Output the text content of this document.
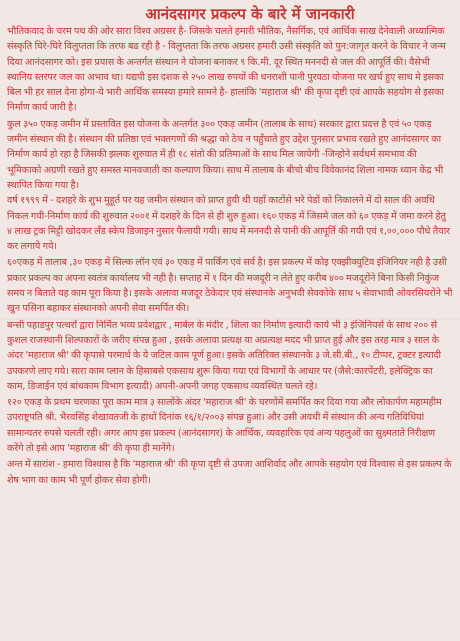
आनंदसागर प्रकल्प के बारे में जानकारी

भौतिकवाद के चरम पथ की ओर सारा विश्व अग्रसर है- जिसके चलते हमारी भौतिक, नैसर्गिक, एवं आर्थिक साख देनेवाली अध्यात्मिक संस्कृति घिरे-घिरे विलुप्तता कि तरफ बढ रही है - विलुप्तता कि तरफ अग्रसर हमारी उसी संस्कृति को पुन:जागृत करने के विचार ने जन्म दिया आनंदसागर को। इस प्रयास के अन्तर्गत संस्थान ने योजना बनाकर ९ कि.मी. दूर स्थित मननदी से जल की आपूर्ति की। वैसेभी स्थानिय स्तरपर जल का अभाव था। यद्यपी इस दशक से २५० लाख रुपयों की धनराशी पानी पुरवठा योजना पर खर्च हुए साथ मे इसका बिल भी हर साल देना होगा-ये भारी आर्थिक समस्या हमारे सामने है- हालांकि 'महाराज श्री' की कृपा दृष्टी एवं आपके सहयोग से इसका निर्माण कार्य जारी है।

कुल ३५० एकड़ जमीन में प्रस्तावित इस योजना के अन्तर्गत ३०० एकड़ जमीन (तालाब के साथ) सरकार द्वारा प्रदत्त है एवं ५० एकड़ जमीन संस्थान की है। संस्थान की प्रतिष्ठा एवं भक्तगणों की श्रद्धा को ठेच न पहुँचाते हुए उद्देश पुनसार प्रभाव रखते हुए आनंदसागर का निर्माण कार्य हो रहा है जिसकी झलक शुरुवात में ही १८ संतो की प्रतिमाओं के साथ मिल जायेगी -जिन्होने सर्वधर्म समभाव की भूमिकाको अग्रणी रखते हुए समस्त मानवजाती का कल्याण किया। साथ में तालाब के बीचो बीच विवेकानंद शिला नामक ध्यान केंद्र भी स्थापित किया गया है।

वर्ष १९९९ में - दशहरे के शुभ मुहूर्त पर यह जमीन संस्थान को प्राप्त हुयी थी यहाँ काटोंसे भरे पेडों को निकालने में दो साल की अवधि निकल गयी-निर्माण कार्य की शुरुवात २००१ में दशहरे के दिन से ही शुरु हुआ। १६० एकड़ में जिसमे जल को ६० एकड़ में जमा करने हेतु ४ लाख ट्रक मिट्टी खोदकर लँड स्केप डिजाइन नुसार फैलायी गयी। साथ में मननदी से पानी की आपूर्ति की गयी एवं १,००,००० पौधे तैयार कर लगाये गये।

६०एकड़ में तालाब ,३० एकड़ में सिल्क लॉन एवं ३० एकड़ में पार्किंग एवं सर्व है। इस प्रकल्प में कोइ एक्झीक्युटिव इंजिनियर नही है उसी प्रकार प्रकल्प का अपना स्वतंत्र कार्यालय भी नही है। सप्ताह में १ दिन की मजदूरी न लेते हुए करीब ४०० मजदूरोंने बिना किसी निकुंज समय न बिताते यह काम पूरा किया है। इसके अलावा मजदूर ठेकेदार एवं संस्थानके अनुभवी सेवकोके साथ ५ सेवाभावी ओवरसियरोंने भी खुन पसिना बहाकर संस्थानको अपनी सेवा समर्पित की।

बन्सी पहाडपुर पत्थरों द्वारा निर्मित भव्य प्रवेशद्वार , मार्बल के मंदीर , शिला का निर्माण इत्यादी कार्य भी ३ इंजिनियर्स के साथ २०० से कुशल राजस्थानी शिल्पकारों के जरीए संपन्न हुआ , इसके अलावा प्रत्यक्ष या अप्रत्यक्ष मदद भी प्राप्त हुई और इस तरह मात्र ३ साल के अंदर 'महाराज श्री' की कृपासे परमार्थ के ये जटिल काम पूर्ण हुआ। इसके अतिरिक्त संस्थानके ३ जे.सी.बी., १० टीप्पर, ट्रक्टर इत्यादी उपकरणे लाए गये। सारा काम प्लान के हिसाबसे एकसाथ शुरू किया गया एवं विभागों के आधार पर (जैसे:कारपेंटरी, इलेक्ट्रिक का काम, डिजाईन एवं बांधकाम विभाग इत्यादी) अपनी-अपनी जगह एकसाथ व्यवस्थित चलते रहे।

१२० एकड़ के प्रथम चरणका पूरा काम मात्र ३ सालोंके अंदर 'महाराज श्री' के चरणोंमें समर्पित कर दिया गया और लोकार्पण महामहीम उपराष्ट्रपति श्री. भैरवसिंह शेखावतजी के हाथों दिनांक १६/१/२००३ संपन्न हुआ। और उसी अवधी में संस्थान की अन्य गतिविधियां सामान्यतर रुपसे चलती रही। अगर आप इस प्रकल्प (आनंदसागर) के आर्थिक, व्यवहारिक एवं अन्य पहलुओं का सुक्ष्मताते निरीक्षण करेंगे तो इसे आप 'महाराज श्री' की कृपा ही मानेंगे।

अन्त में सारांश - हमारा विश्वास है कि 'महाराज श्री' की कृपा दृष्टी से उपजा आशिर्वाद और आपके सहयोग एवं विश्वास से इस प्रकल्प के शेष भाग का काम भी पूर्ण होकर सेवा होगी।
